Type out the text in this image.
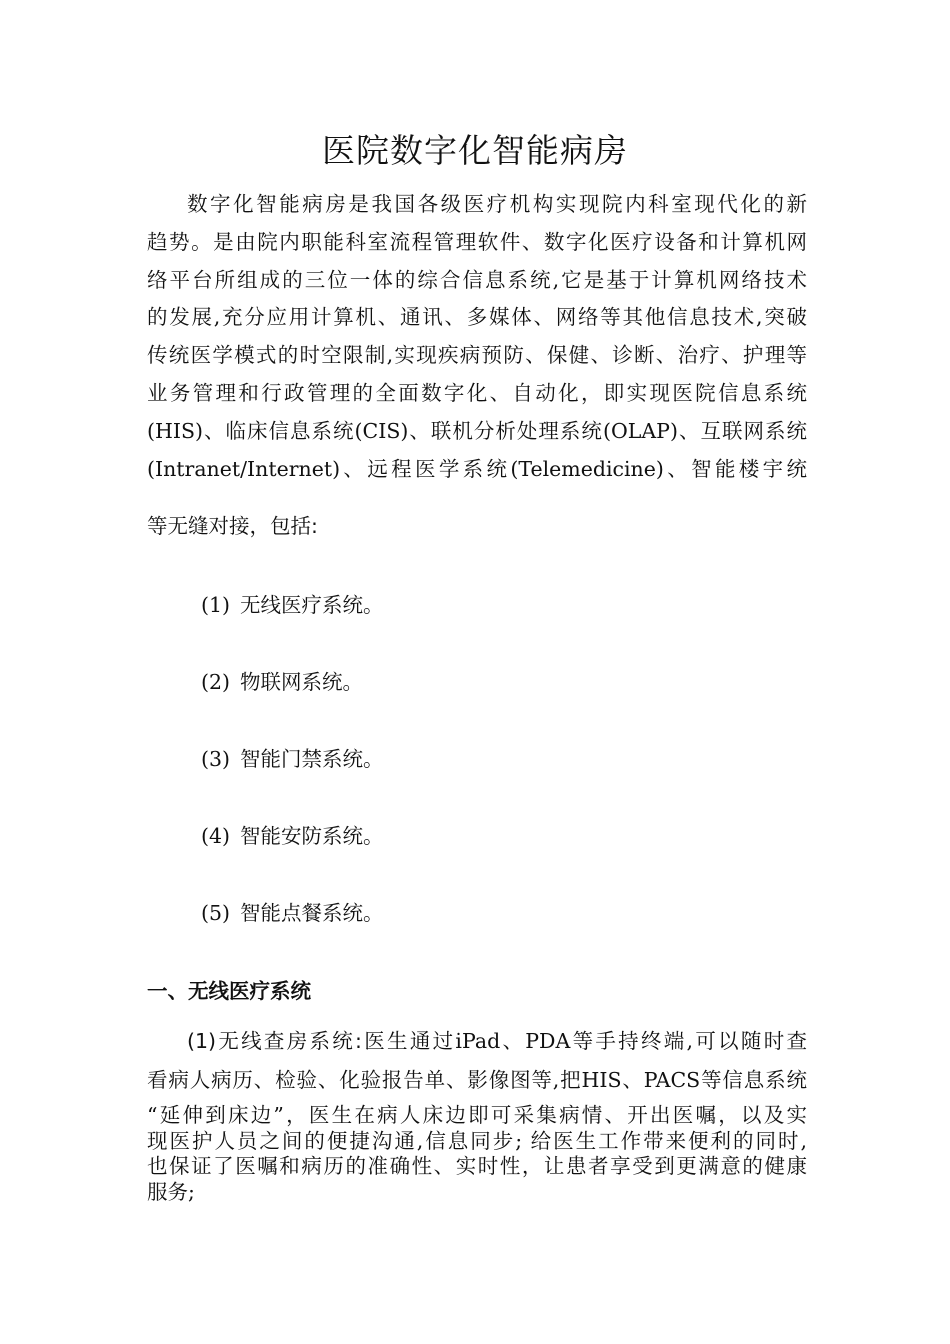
医院数字化智能病房
数字化智能病房是我国各级医疗机构实现院内科室现代化的新
趋势。是由院内职能科室流程管理软件、数字化医疗设备和计算机网
络平台所组成的三位一体的综合信息系统,它是基于计算机网络技术
的发展,充分应用计算机、通讯、多媒体、网络等其他信息技术,突破
传统医学模式的时空限制,实现疾病预防、保健、诊断、治疗、护理等
业务管理和行政管理的全面数字化、自动化，即实现医院信息系统
(HIS)、临床信息系统(CIS)、联机分析处理系统(OLAP)、互联网系统
(Intranet/Internet)、远程医学系统(Telemedicine)、智能楼宇统
等无缝对接，包括:
(1) 无线医疗系统。
(2) 物联网系统。
(3) 智能门禁系统。
(4) 智能安防系统。
(5) 智能点餐系统。
一、无线医疗系统
(1)无线查房系统:医生通过iPad、PDA等手持终端,可以随时查
看病人病历、检验、化验报告单、影像图等,把HIS、PACS等信息系统
“延伸到床边”，医生在病人床边即可采集病情、开出医嘱，以及实
现医护人员之间的便捷沟通,信息同步; 给医生工作带来便利的同时,
也保证了医嘱和病历的准确性、实时性，让患者享受到更满意的健康
服务;
